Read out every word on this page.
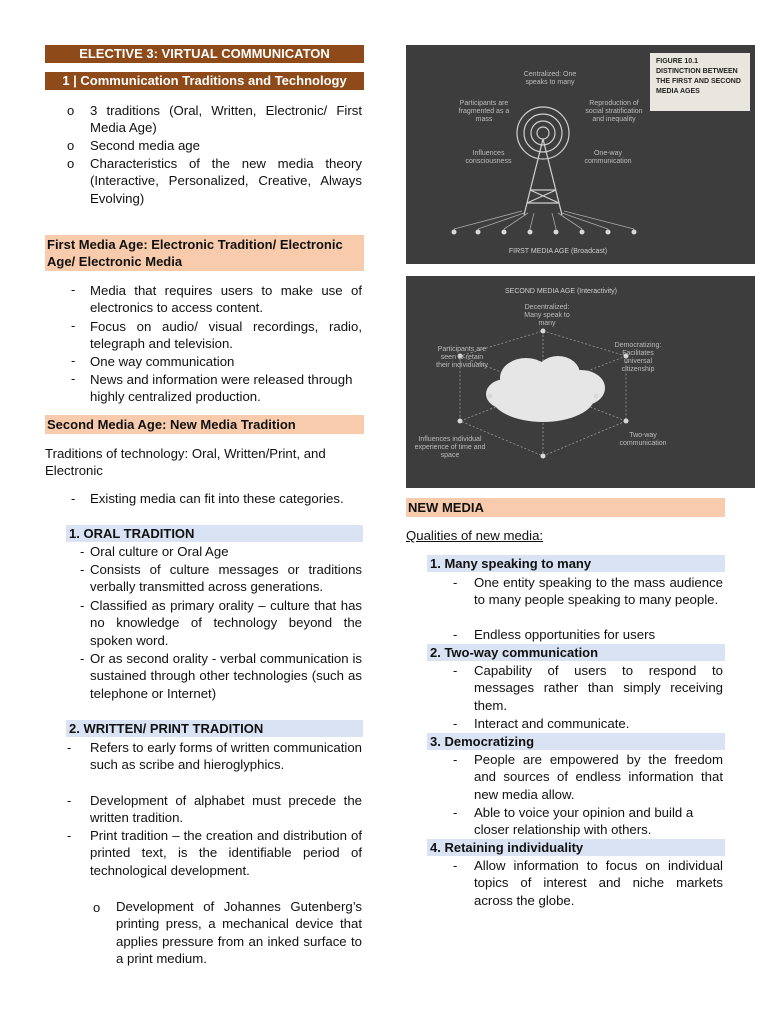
ELECTIVE 3: VIRTUAL COMMUNICATON
1 | Communication Traditions and Technology
o 3 traditions (Oral, Written, Electronic/ First Media Age)
o Second media age
o Characteristics of the new media theory (Interactive, Personalized, Creative, Always Evolving)
First Media Age: Electronic Tradition/ Electronic Age/ Electronic Media
- Media that requires users to make use of electronics to access content.
- Focus on audio/ visual recordings, radio, telegraph and television.
- One way communication
- News and information were released through highly centralized production.
Second Media Age: New Media Tradition
Traditions of technology: Oral, Written/Print, and Electronic
- Existing media can fit into these categories.
1. ORAL TRADITION
- Oral culture or Oral Age
- Consists of culture messages or traditions verbally transmitted across generations.
- Classified as primary orality – culture that has no knowledge of technology beyond the spoken word.
- Or as second orality - verbal communication is sustained through other technologies (such as telephone or Internet)
2. WRITTEN/ PRINT TRADITION
- Refers to early forms of written communication such as scribe and hieroglyphics.
- Development of alphabet must precede the written tradition.
- Print tradition – the creation and distribution of printed text, is the identifiable period of technological development.
o Development of Johannes Gutenberg’s printing press, a mechanical device that applies pressure from an inked surface to a print medium.
Centralized: One speaks to many
Participants are fragmented as a mass
Reproduction of social stratification and inequality
Influences consciousness
One-way communication
FIRST MEDIA AGE (Broadcast)
FIGURE 10.1
DISTINCTION BETWEEN THE FIRST AND SECOND MEDIA AGES
SECOND MEDIA AGE (Interactivity)
Decentralized: Many speak to many
Participants are seen to retain their individuality
Democratizing: Facilitates universal citizenship
Influences individual experience of time and space
Two-way communication
NEW MEDIA
Qualities of new media:
1. Many speaking to many
- One entity speaking to the mass audience to many people speaking to many people.
- Endless opportunities for users
2. Two-way communication
- Capability of users to respond to messages rather than simply receiving them.
- Interact and communicate.
3. Democratizing
- People are empowered by the freedom and sources of endless information that new media allow.
- Able to voice your opinion and build a closer relationship with others.
4. Retaining individuality
- Allow information to focus on individual topics of interest and niche markets across the globe.
